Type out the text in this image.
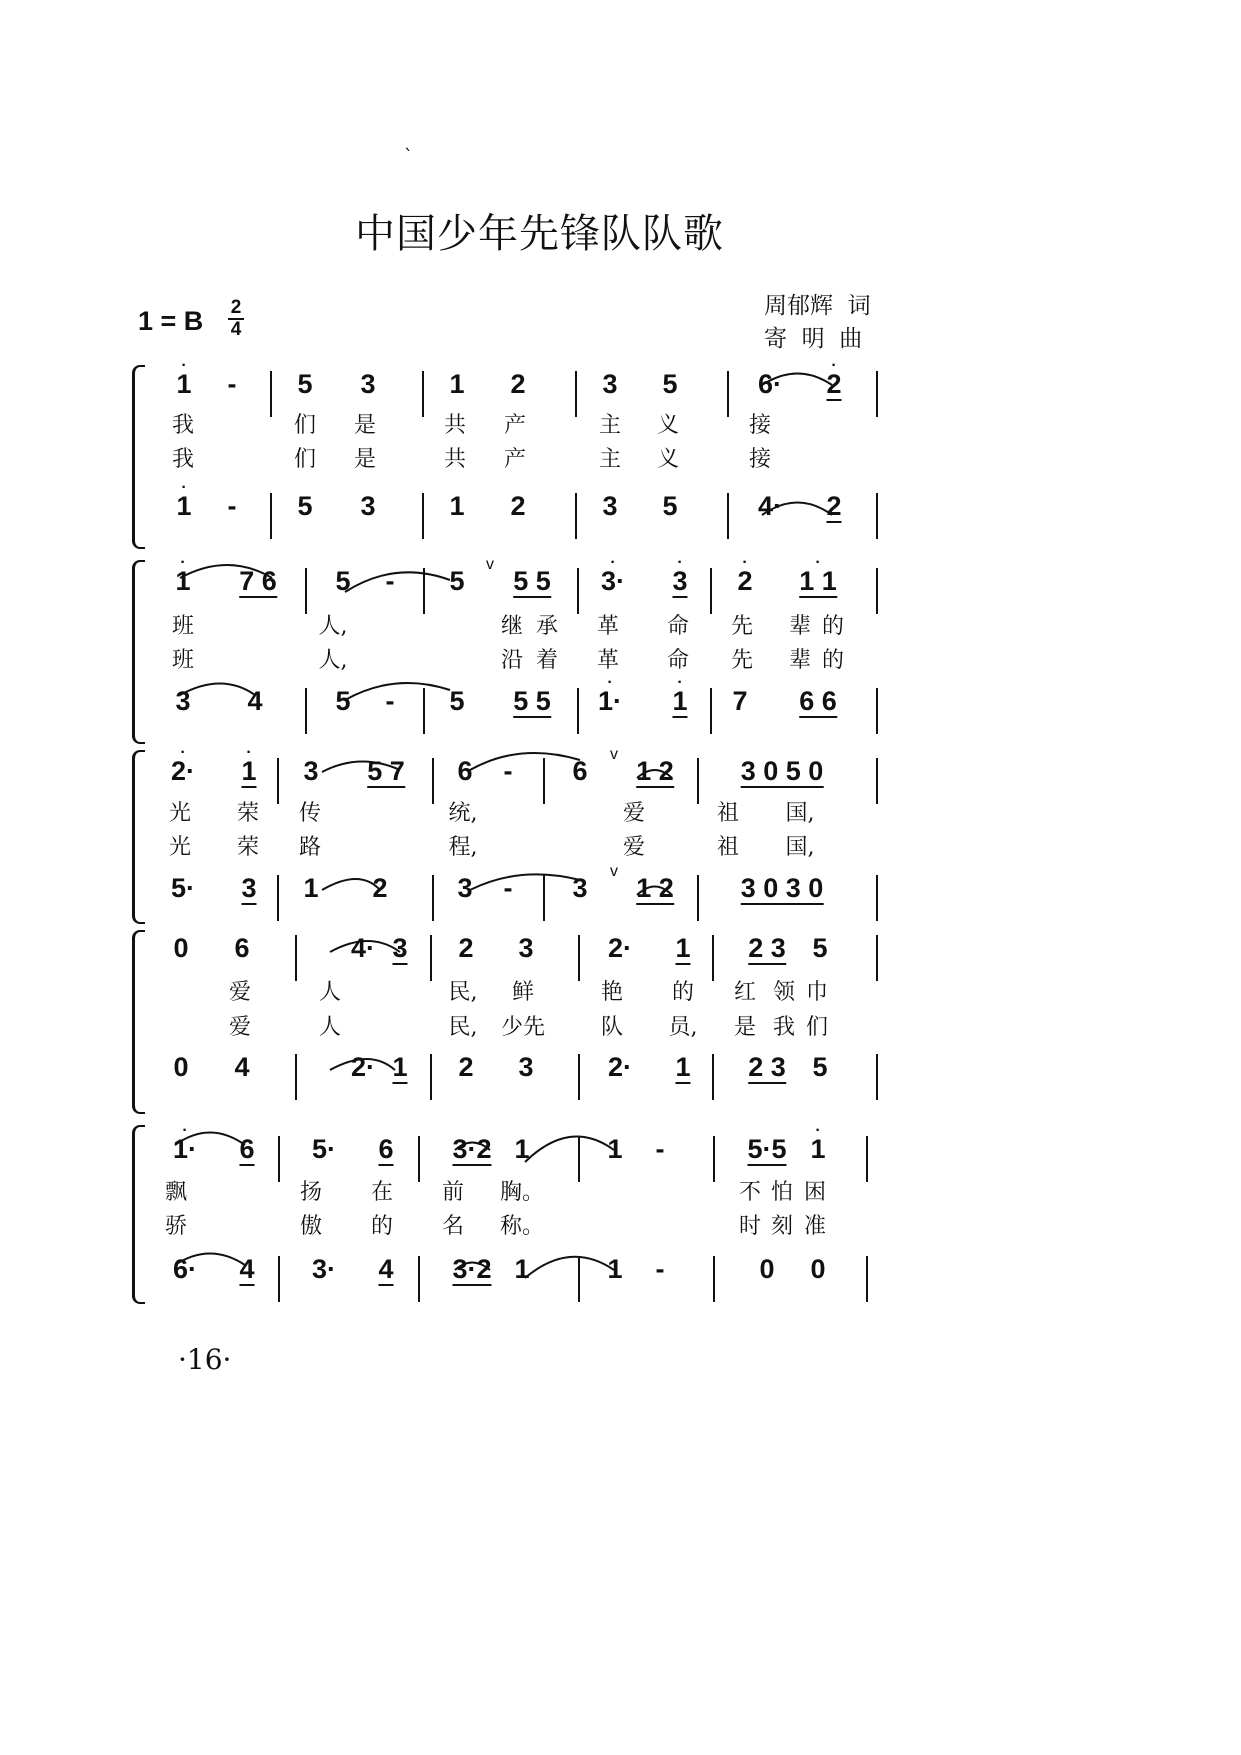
`
中国少年先锋队队歌
周郁辉  词
寄  明  曲
1 = B	2
4
1
·
- 5 3	1 2	3 5	6· 2
·
1
·
- 5 3	1 2	3 5	4· 2
我	们 是	共 产	主 义	接
我	们 是	共 产	主 义	接
1
·
7 6 5 - 5
v
5 5 3·
·
3
·
2
·
1 1
·
3 4	5 - 5 5 5 1·
·
1
·
7 6 6
班	人,	继 承 革 命 先 辈 的
班	人,	沿 着 革 命 先 辈 的
2·
·
1
·
3 5 7 6 - 6
v
1 2 3 0 5 0
5· 3 1 2	3 - 3
v
1 2 3 0 3 0
光 荣 传	统,	爱	祖 国,
光 荣 路	程,	爱	祖 国,
0 6	4· 3 2 3	2· 1 2 3 5
0 4	2· 1 2 3	2· 1 2 3 5
爱	人	民, 鲜	艳 的 红 领 巾
爱	人	民, 少先	队 员, 是 我 们
1·
·
6 5· 6 3·2 1	1 -	5·5 1
·
6· 4 3· 4 3·2 1	1 -	0 0
飘	扬 在 前 胸。	不 怕 困
骄	傲 的 名 称。	时 刻 准
·16·
